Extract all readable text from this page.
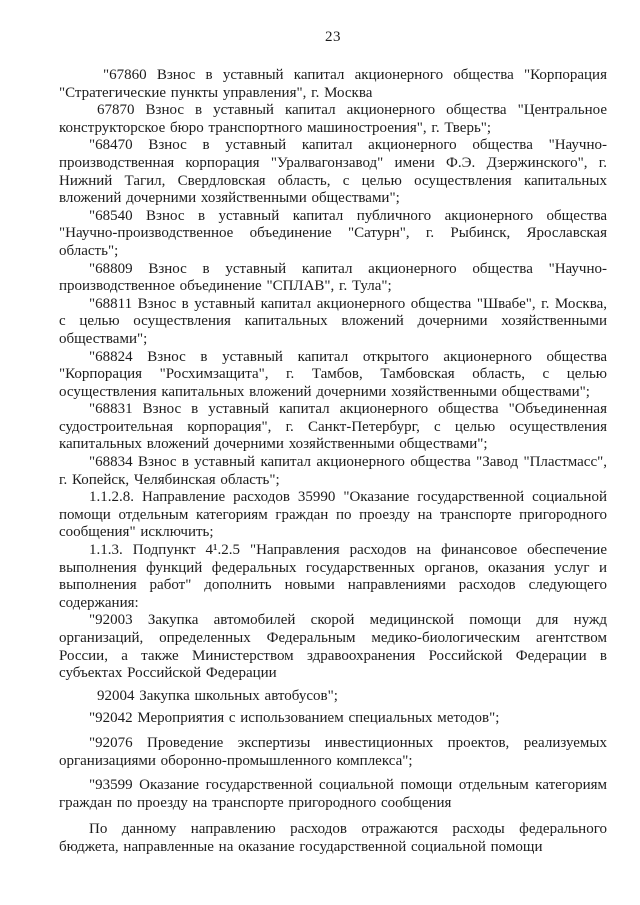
23

"67860 Взнос в уставный капитал акционерного общества "Корпорация "Стратегические пункты управления", г. Москва

67870 Взнос в уставный капитал акционерного общества "Центральное конструкторское бюро транспортного машиностроения", г. Тверь";

"68470 Взнос в уставный капитал акционерного общества "Научно-производственная корпорация "Уралвагонзавод" имени Ф.Э. Дзержинского", г. Нижний Тагил, Свердловская область, с целью осуществления капитальных вложений дочерними хозяйственными обществами";

"68540 Взнос в уставный капитал публичного акционерного общества "Научно-производственное объединение "Сатурн", г. Рыбинск, Ярославская область";

"68809 Взнос в уставный капитал акционерного общества "Научно-производственное объединение "СПЛАВ", г. Тула";

"68811 Взнос в уставный капитал акционерного общества "Швабе", г. Москва, с целью осуществления капитальных вложений дочерними хозяйственными обществами";

"68824 Взнос в уставный капитал открытого акционерного общества "Корпорация "Росхимзащита", г. Тамбов, Тамбовская область, с целью осуществления капитальных вложений дочерними хозяйственными обществами";

"68831 Взнос в уставный капитал акционерного общества "Объединенная судостроительная корпорация", г. Санкт-Петербург, с целью осуществления капитальных вложений дочерними хозяйственными обществами";

"68834 Взнос в уставный капитал акционерного общества "Завод "Пластмасс", г. Копейск, Челябинская область";

1.1.2.8. Направление расходов 35990 "Оказание государственной социальной помощи отдельным категориям граждан по проезду на транспорте пригородного сообщения" исключить;

1.1.3. Подпункт 4¹.2.5 "Направления расходов на финансовое обеспечение выполнения функций федеральных государственных органов, оказания услуг и выполнения работ" дополнить новыми направлениями расходов следующего содержания:

"92003 Закупка автомобилей скорой медицинской помощи для нужд организаций, определенных Федеральным медико-биологическим агентством России, а также Министерством здравоохранения Российской Федерации в субъектах Российской Федерации

92004 Закупка школьных автобусов";

"92042 Мероприятия с использованием специальных методов";

"92076 Проведение экспертизы инвестиционных проектов, реализуемых организациями оборонно-промышленного комплекса";

"93599 Оказание государственной социальной помощи отдельным категориям граждан по проезду на транспорте пригородного сообщения

По данному направлению расходов отражаются расходы федерального бюджета, направленные на оказание государственной социальной помощи
